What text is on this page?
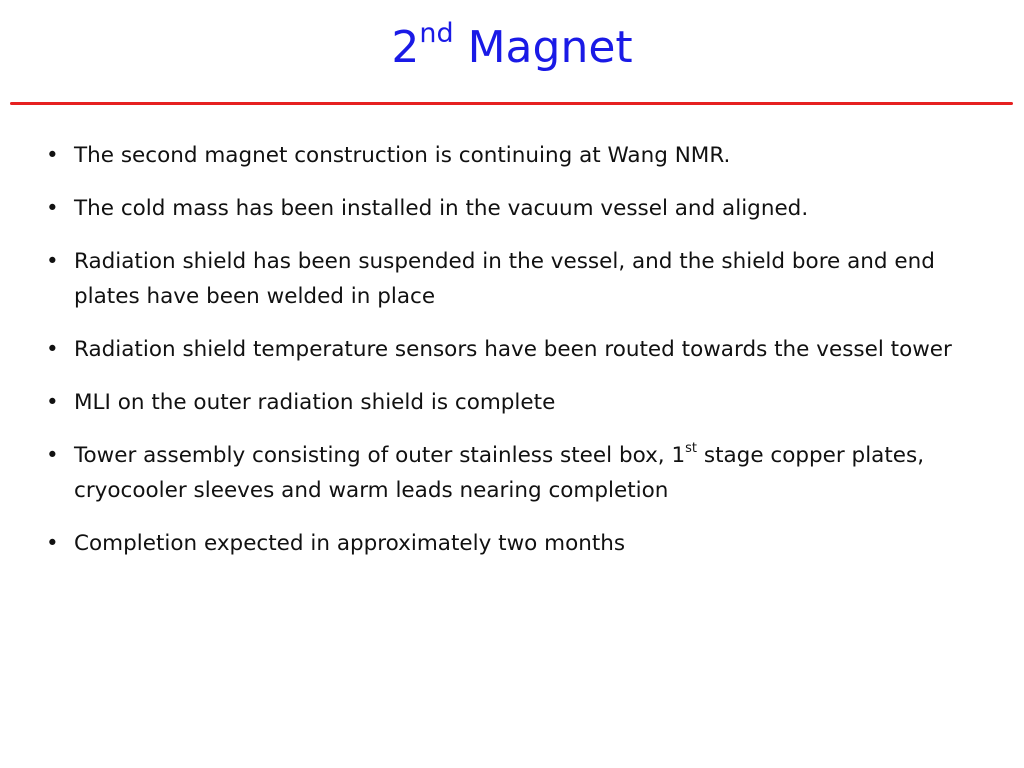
2nd Magnet
• The second magnet construction is continuing at Wang NMR.
• The cold mass has been installed in the vacuum vessel and aligned.
• Radiation shield has been suspended in the vessel, and the shield bore and end plates have been welded in place
• Radiation shield temperature sensors have been routed towards the vessel tower
• MLI on the outer radiation shield is complete
• Tower assembly consisting of outer stainless steel box, 1st stage copper plates, cryocooler sleeves and warm leads nearing completion
• Completion expected in approximately two months
